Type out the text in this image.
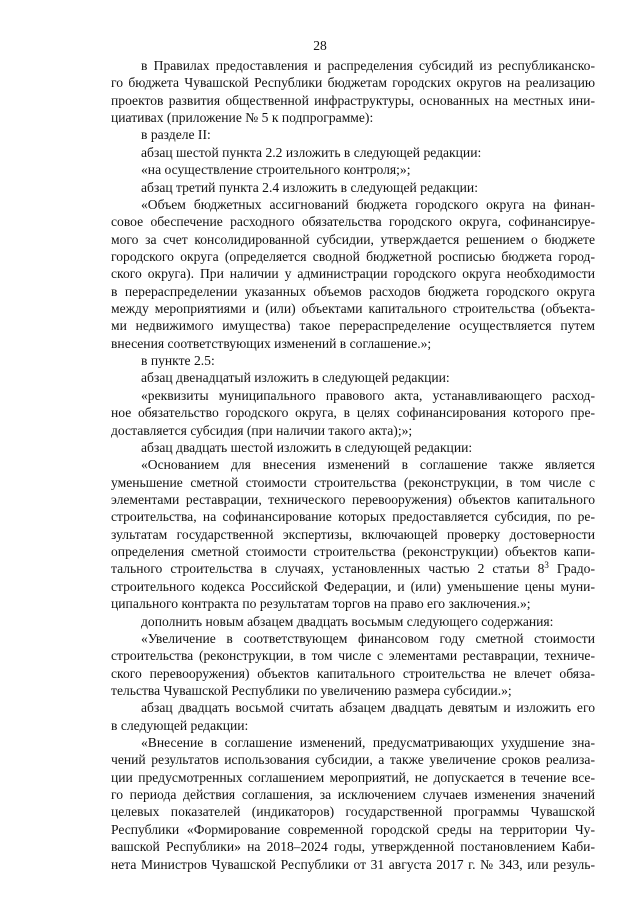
28
в Правилах предоставления и распределения субсидий из республиканско-
го бюджета Чувашской Республики бюджетам городских округов на реализацию
проектов развития общественной инфраструктуры, основанных на местных ини-
циативах (приложение № 5 к подпрограмме):
в разделе II:
абзац шестой пункта 2.2 изложить в следующей редакции:
«на осуществление строительного контроля;»;
абзац третий пункта 2.4 изложить в следующей редакции:
«Объем бюджетных ассигнований бюджета городского округа на финан-
совое обеспечение расходного обязательства городского округа, софинансируе-
мого за счет консолидированной субсидии, утверждается решением о бюджете
городского округа (определяется сводной бюджетной росписью бюджета город-
ского округа). При наличии у администрации городского округа необходимости
в перераспределении указанных объемов расходов бюджета городского округа
между мероприятиями и (или) объектами капитального строительства (объекта-
ми недвижимого имущества) такое перераспределение осуществляется путем
внесения соответствующих изменений в соглашение.»;
в пункте 2.5:
абзац двенадцатый изложить в следующей редакции:
«реквизиты муниципального правового акта, устанавливающего расход-
ное обязательство городского округа, в целях софинансирования которого пре-
доставляется субсидия (при наличии такого акта);»;
абзац двадцать шестой изложить в следующей редакции:
«Основанием для внесения изменений в соглашение также является
уменьшение сметной стоимости строительства (реконструкции, в том числе с
элементами реставрации, технического перевооружения) объектов капитального
строительства, на софинансирование которых предоставляется субсидия, по ре-
зультатам государственной экспертизы, включающей проверку достоверности
определения сметной стоимости строительства (реконструкции) объектов капи-
тального строительства в случаях, установленных частью 2 статьи $8^3$ Градо-
строительного кодекса Российской Федерации, и (или) уменьшение цены муни-
ципального контракта по результатам торгов на право его заключения.»;
дополнить новым абзацем двадцать восьмым следующего содержания:
«Увеличение в соответствующем финансовом году сметной стоимости
строительства (реконструкции, в том числе с элементами реставрации, техниче-
ского перевооружения) объектов капитального строительства не влечет обяза-
тельства Чувашской Республики по увеличению размера субсидии.»;
абзац двадцать восьмой считать абзацем двадцать девятым и изложить его
в следующей редакции:
«Внесение в соглашение изменений, предусматривающих ухудшение зна-
чений результатов использования субсидии, а также увеличение сроков реализа-
ции предусмотренных соглашением мероприятий, не допускается в течение все-
го периода действия соглашения, за исключением случаев изменения значений
целевых показателей (индикаторов) государственной программы Чувашской
Республики «Формирование современной городской среды на территории Чу-
вашской Республики» на 2018–2024 годы, утвержденной постановлением Каби-
нета Министров Чувашской Республики от 31 августа 2017 г. № 343, или резуль-
